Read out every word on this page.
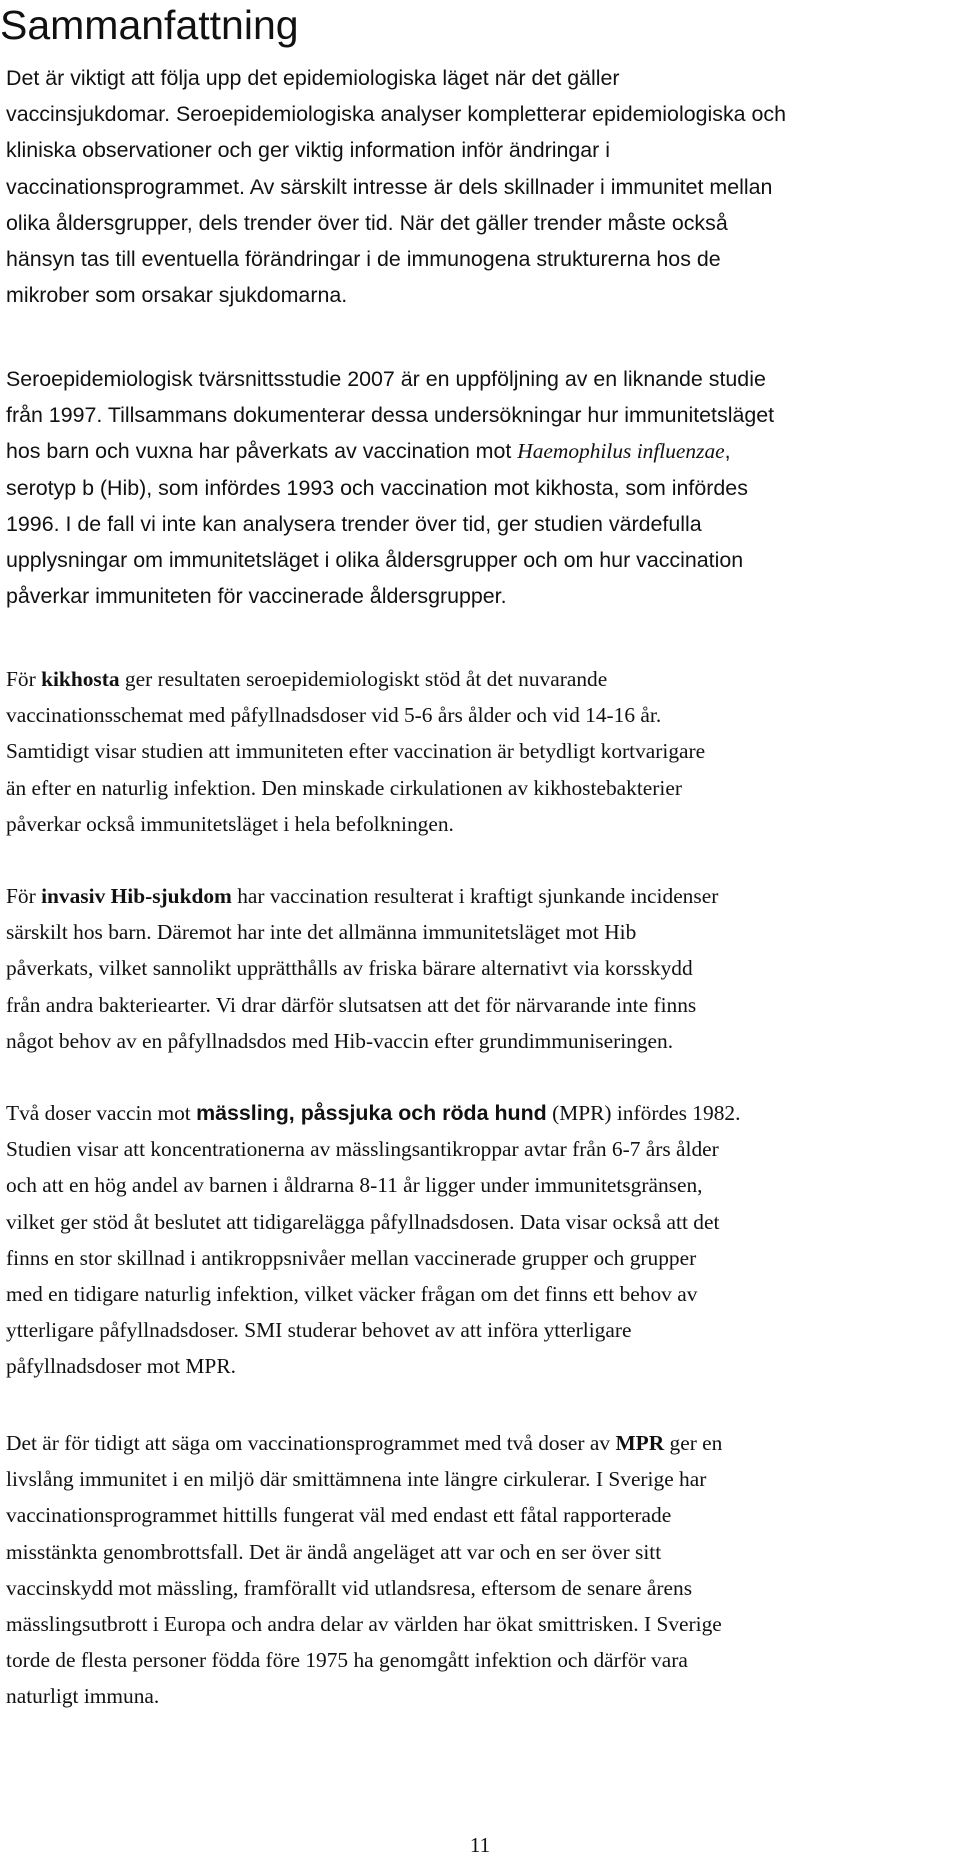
Sammanfattning

Det är viktigt att följa upp det epidemiologiska läget när det gäller
vaccinsjukdomar. Seroepidemiologiska analyser kompletterar epidemiologiska och
kliniska observationer och ger viktig information inför ändringar i
vaccinationsprogrammet. Av särskilt intresse är dels skillnader i immunitet mellan
olika åldersgrupper, dels trender över tid. När det gäller trender måste också
hänsyn tas till eventuella förändringar i de immunogena strukturerna hos de
mikrober som orsakar sjukdomarna.

Seroepidemiologisk tvärsnittsstudie 2007 är en uppföljning av en liknande studie
från 1997. Tillsammans dokumenterar dessa undersökningar hur immunitetsläget
hos barn och vuxna har påverkats av vaccination mot Haemophilus influenzae,
serotyp b (Hib), som infördes 1993 och vaccination mot kikhosta, som infördes
1996. I de fall vi inte kan analysera trender över tid, ger studien värdefulla
upplysningar om immunitetsläget i olika åldersgrupper och om hur vaccination
påverkar immuniteten för vaccinerade åldersgrupper.

För kikhosta ger resultaten seroepidemiologiskt stöd åt det nuvarande
vaccinationsschemat med påfyllnadsdoser vid 5-6 års ålder och vid 14-16 år.
Samtidigt visar studien att immuniteten efter vaccination är betydligt kortvarigare
än efter en naturlig infektion. Den minskade cirkulationen av kikhostebakterier
påverkar också immunitetsläget i hela befolkningen.

För invasiv Hib-sjukdom har vaccination resulterat i kraftigt sjunkande incidenser
särskilt hos barn. Däremot har inte det allmänna immunitetsläget mot Hib
påverkats, vilket sannolikt upprätthålls av friska bärare alternativt via korsskydd
från andra bakteriearter. Vi drar därför slutsatsen att det för närvarande inte finns
något behov av en påfyllnadsdos med Hib-vaccin efter grundimmuniseringen.

Två doser vaccin mot mässling, påssjuka och röda hund (MPR) infördes 1982.
Studien visar att koncentrationerna av mässlingsantikroppar avtar från 6-7 års ålder
och att en hög andel av barnen i åldrarna 8-11 år ligger under immunitetsgränsen,
vilket ger stöd åt beslutet att tidigarelägga påfyllnadsdosen. Data visar också att det
finns en stor skillnad i antikroppsnivåer mellan vaccinerade grupper och grupper
med en tidigare naturlig infektion, vilket väcker frågan om det finns ett behov av
ytterligare påfyllnadsdoser. SMI studerar behovet av att införa ytterligare
påfyllnadsdoser mot MPR.

Det är för tidigt att säga om vaccinationsprogrammet med två doser av MPR ger en
livslång immunitet i en miljö där smittämnena inte längre cirkulerar. I Sverige har
vaccinationsprogrammet hittills fungerat väl med endast ett fåtal rapporterade
misstänkta genombrottsfall. Det är ändå angeläget att var och en ser över sitt
vaccinskydd mot mässling, framförallt vid utlandsresa, eftersom de senare årens
mässlingsutbrott i Europa och andra delar av världen har ökat smittrisken. I Sverige
torde de flesta personer födda före 1975 ha genomgått infektion och därför vara
naturligt immuna.

11
